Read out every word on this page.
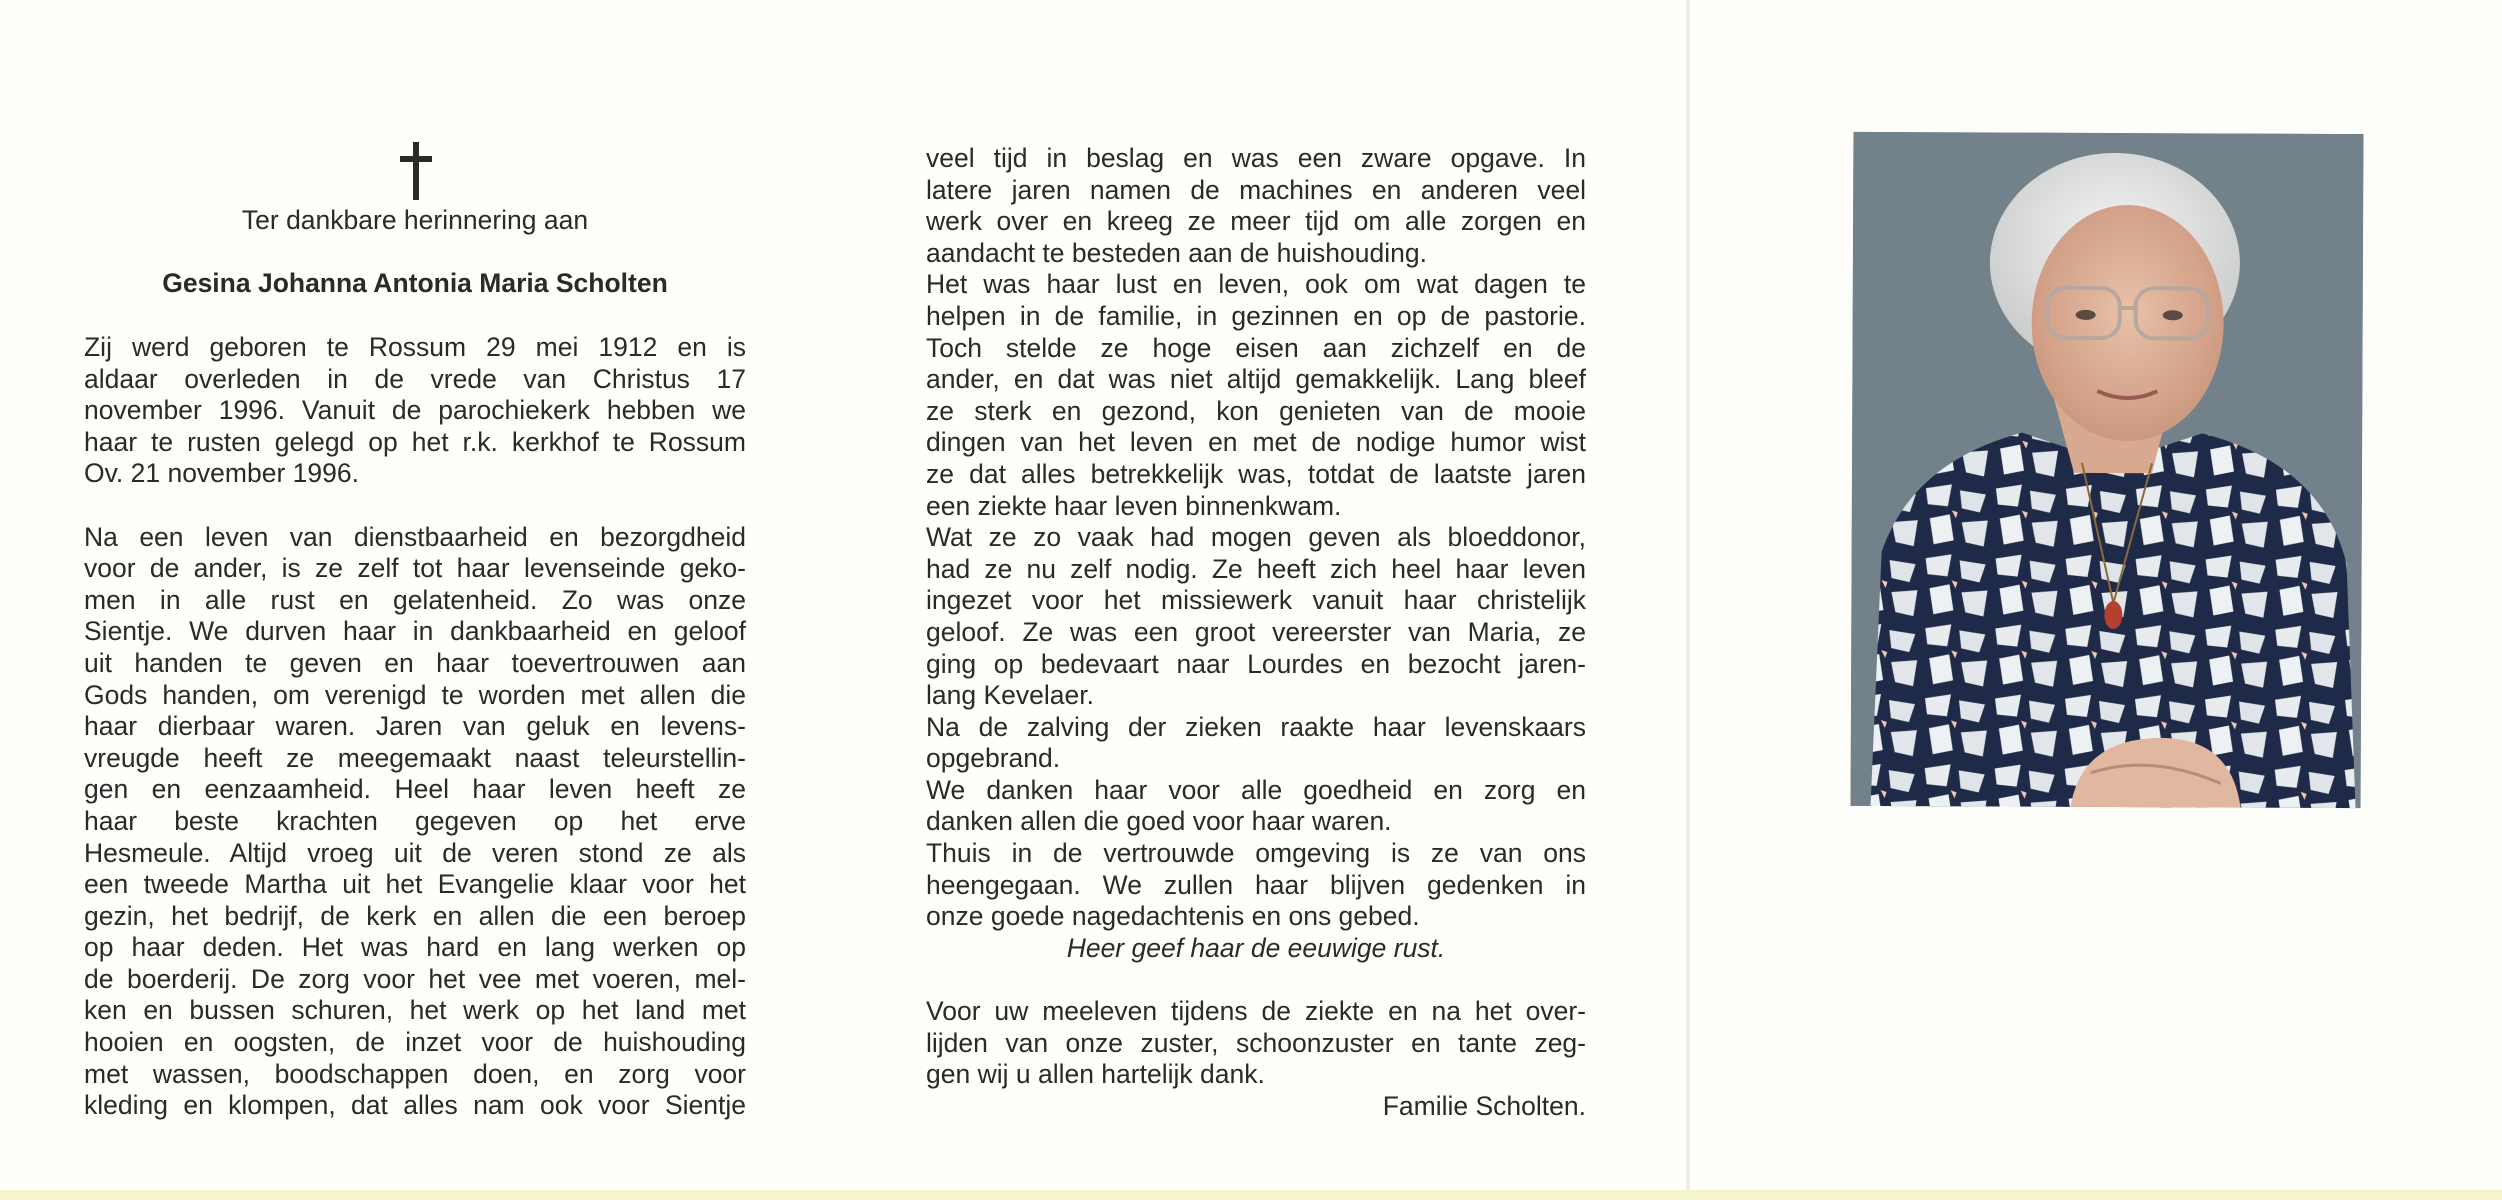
Ter dankbare herinnering aan
Gesina Johanna Antonia Maria Scholten
Zij werd geboren te Rossum 29 mei 1912 en is
aldaar overleden in de vrede van Christus 17
november 1996. Vanuit de parochiekerk hebben we
haar te rusten gelegd op het r.k. kerkhof te Rossum
Ov. 21 november 1996.
Na een leven van dienstbaarheid en bezorgdheid
voor de ander, is ze zelf tot haar levenseinde geko-
men in alle rust en gelatenheid. Zo was onze
Sientje. We durven haar in dankbaarheid en geloof
uit handen te geven en haar toevertrouwen aan
Gods handen, om verenigd te worden met allen die
haar dierbaar waren. Jaren van geluk en levens-
vreugde heeft ze meegemaakt naast teleurstellin-
gen en eenzaamheid. Heel haar leven heeft ze
haar beste krachten gegeven op het erve
Hesmeule. Altijd vroeg uit de veren stond ze als
een tweede Martha uit het Evangelie klaar voor het
gezin, het bedrijf, de kerk en allen die een beroep
op haar deden. Het was hard en lang werken op
de boerderij. De zorg voor het vee met voeren, mel-
ken en bussen schuren, het werk op het land met
hooien en oogsten, de inzet voor de huishouding
met wassen, boodschappen doen, en zorg voor
kleding en klompen, dat alles nam ook voor Sientje
veel tijd in beslag en was een zware opgave. In
latere jaren namen de machines en anderen veel
werk over en kreeg ze meer tijd om alle zorgen en
aandacht te besteden aan de huishouding.
Het was haar lust en leven, ook om wat dagen te
helpen in de familie, in gezinnen en op de pastorie.
Toch stelde ze hoge eisen aan zichzelf en de
ander, en dat was niet altijd gemakkelijk. Lang bleef
ze sterk en gezond, kon genieten van de mooie
dingen van het leven en met de nodige humor wist
ze dat alles betrekkelijk was, totdat de laatste jaren
een ziekte haar leven binnenkwam.
Wat ze zo vaak had mogen geven als bloeddonor,
had ze nu zelf nodig. Ze heeft zich heel haar leven
ingezet voor het missiewerk vanuit haar christelijk
geloof. Ze was een groot vereerster van Maria, ze
ging op bedevaart naar Lourdes en bezocht jaren-
lang Kevelaer.
Na de zalving der zieken raakte haar levenskaars
opgebrand.
We danken haar voor alle goedheid en zorg en
danken allen die goed voor haar waren.
Thuis in de vertrouwde omgeving is ze van ons
heengegaan. We zullen haar blijven gedenken in
onze goede nagedachtenis en ons gebed.
Heer geef haar de eeuwige rust.
Voor uw meeleven tijdens de ziekte en na het over-
lijden van onze zuster, schoonzuster en tante zeg-
gen wij u allen hartelijk dank.
Familie Scholten.
